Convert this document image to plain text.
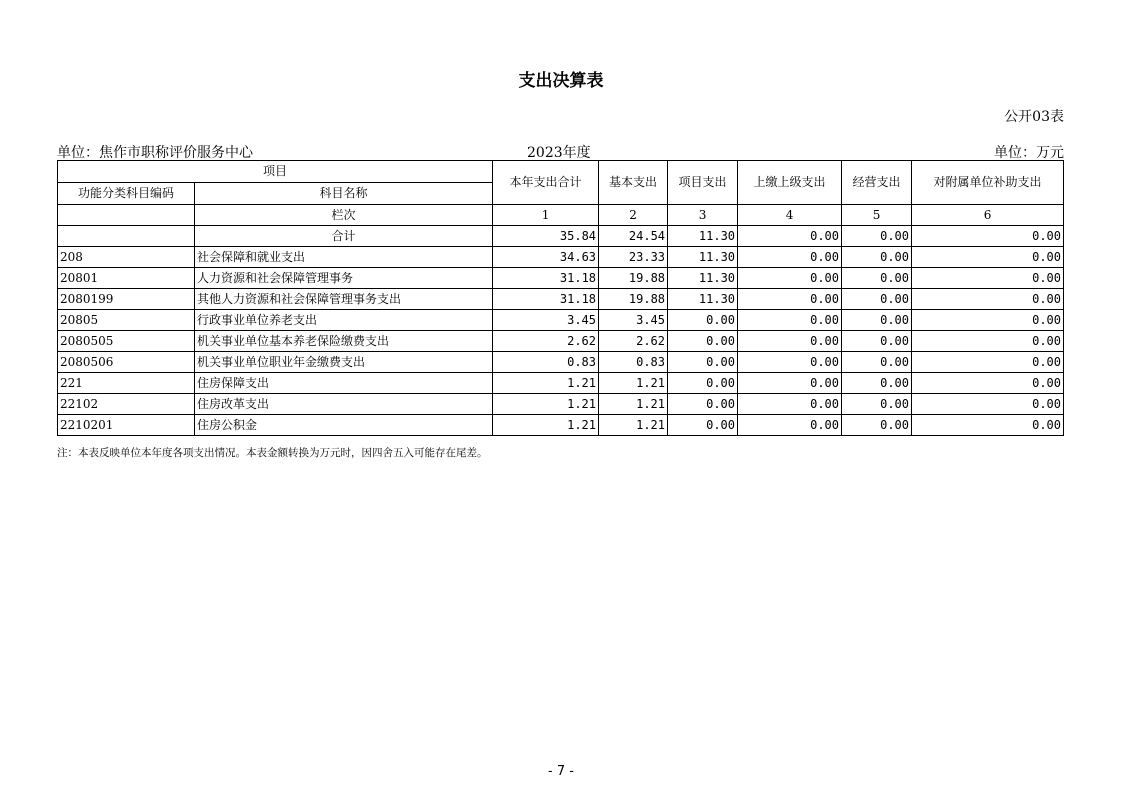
支出决算表
公开03表
单位：焦作市职称评价服务中心	2023年度	单位：万元
项目		本年支出合计	基本支出	项目支出	上缴上级支出	经营支出	对附属单位补助支出
功能分类科目编码	科目名称						
	栏次	1	2	3	4	5	6
	合计	35.84	24.54	11.30	0.00	0.00	0.00
208	社会保障和就业支出	34.63	23.33	11.30	0.00	0.00	0.00
20801	人力资源和社会保障管理事务	31.18	19.88	11.30	0.00	0.00	0.00
2080199	其他人力资源和社会保障管理事务支出	31.18	19.88	11.30	0.00	0.00	0.00
20805	行政事业单位养老支出	3.45	3.45	0.00	0.00	0.00	0.00
2080505	机关事业单位基本养老保险缴费支出	2.62	2.62	0.00	0.00	0.00	0.00
2080506	机关事业单位职业年金缴费支出	0.83	0.83	0.00	0.00	0.00	0.00
221	住房保障支出	1.21	1.21	0.00	0.00	0.00	0.00
22102	住房改革支出	1.21	1.21	0.00	0.00	0.00	0.00
2210201	住房公积金	1.21	1.21	0.00	0.00	0.00	0.00
注：本表反映单位本年度各项支出情况。本表金额转换为万元时，因四舍五入可能存在尾差。
- 7 -
